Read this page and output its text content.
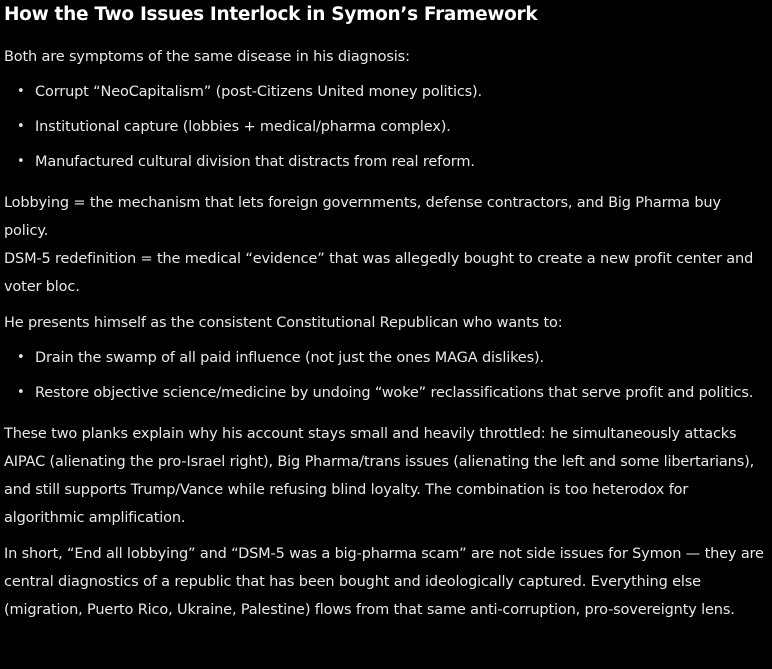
How the Two Issues Interlock in Symon’s Framework

Both are symptoms of the same disease in his diagnosis:

• Corrupt “NeoCapitalism” (post-Citizens United money politics).
• Institutional capture (lobbies + medical/pharma complex).
• Manufactured cultural division that distracts from real reform.

Lobbying = the mechanism that lets foreign governments, defense contractors, and Big Pharma buy policy.
DSM-5 redefinition = the medical “evidence” that was allegedly bought to create a new profit center and voter bloc.

He presents himself as the consistent Constitutional Republican who wants to:

• Drain the swamp of all paid influence (not just the ones MAGA dislikes).
• Restore objective science/medicine by undoing “woke” reclassifications that serve profit and politics.

These two planks explain why his account stays small and heavily throttled: he simultaneously attacks AIPAC (alienating the pro-Israel right), Big Pharma/trans issues (alienating the left and some libertarians), and still supports Trump/Vance while refusing blind loyalty. The combination is too heterodox for algorithmic amplification.

In short, “End all lobbying” and “DSM-5 was a big-pharma scam” are not side issues for Symon — they are central diagnostics of a republic that has been bought and ideologically captured. Everything else (migration, Puerto Rico, Ukraine, Palestine) flows from that same anti-corruption, pro-sovereignty lens.
